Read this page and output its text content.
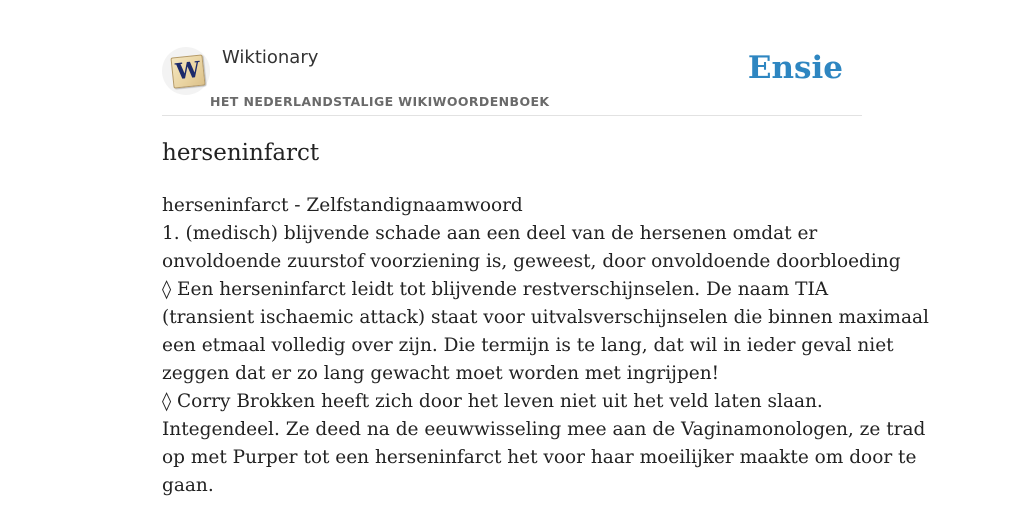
W Wiktionary
HET NEDERLANDSTALIGE WIKIWOORDENBOEK
Ensie
herseninfarct
herseninfarct - Zelfstandignaamwoord
1. (medisch) blijvende schade aan een deel van de hersenen omdat er
onvoldoende zuurstof voorziening is, geweest, door onvoldoende doorbloeding
◊ Een herseninfarct leidt tot blijvende restverschijnselen. De naam TIA
(transient ischaemic attack) staat voor uitvalsverschijnselen die binnen maximaal
een etmaal volledig over zijn. Die termijn is te lang, dat wil in ieder geval niet
zeggen dat er zo lang gewacht moet worden met ingrijpen!
◊ Corry Brokken heeft zich door het leven niet uit het veld laten slaan.
Integendeel. Ze deed na de eeuwwisseling mee aan de Vaginamonologen, ze trad
op met Purper tot een herseninfarct het voor haar moeilijker maakte om door te
gaan.
